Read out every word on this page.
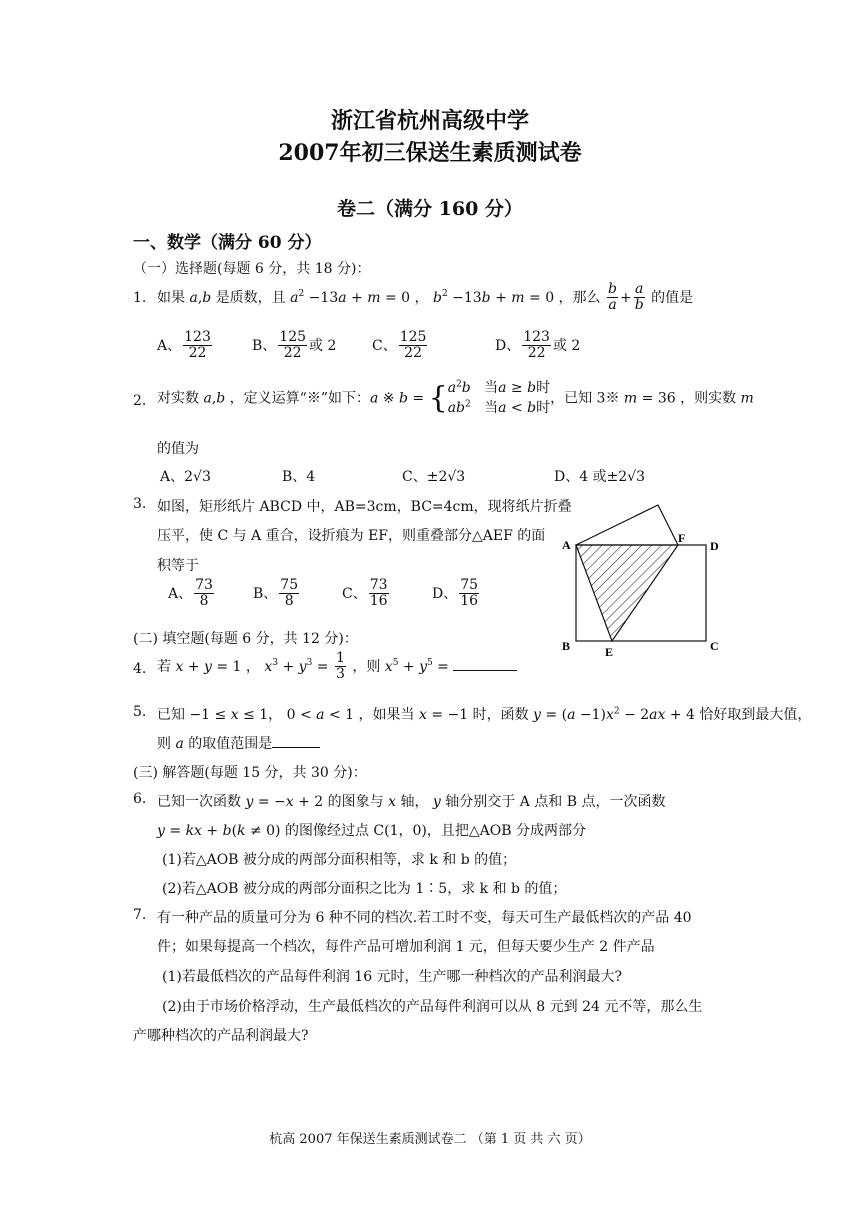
浙江省杭州高级中学
2007年初三保送生素质测试卷
卷二（满分 160 分）
一、数学（满分 60 分）
（一）选择题(每题 6 分，共 18 分)：
1. 如果 a,b 是质数，且 $a^2 -13a + m = 0$ ， $b^2 -13b + m = 0$ ，那么 $\frac{b}{a} + \frac{a}{b}$ 的值是
A、 $\frac{123}{22}$	B、 $\frac{125}{22}$ 或 2	C、 $\frac{125}{22}$	D、 $\frac{123}{22}$ 或 2
2. 对实数 a,b ，定义运算“※”如下：a ※ $b = \{a^2b$   当a ≥ b时
$ab^2$   当a < b时，已知 3※ m = 36 ，则实数 m
的值为
A、2√3	B、4	C、±2√3	D、4 或±2√3
3. 如图，矩形纸片 ABCD 中，AB=3cm，BC=4cm，现将纸片折叠
压平，使 C 与 A 重合，设折痕为 EF，则重叠部分△AEF 的面
积等于
A、 $\frac{73}{8}$	B、 $\frac{75}{8}$	C、 $\frac{73}{16}$	D、 $\frac{75}{16}$
A	F
D
B	E	C
(二) 填空题(每题 6 分，共 12 分)：
4. 若 x + y = 1 ， $x^3 + y^3 = \frac{1}{3}$ ，则 $x^5 + y^5$ =
5. 已知 −1 ≤ x ≤ 1， 0 < a < 1 ，如果当 x = −1 时，函数 $y = (a -1)x^2 - 2ax + 4$ 恰好取到最大值，
则 a 的取值范围是
(三) 解答题(每题 15 分，共 30 分)：
6. 已知一次函数 y = −x + 2 的图象与 x 轴， y 轴分别交于 A 点和 B 点，一次函数
y = kx + b(k ≠ 0) 的图像经过点 C(1，0)，且把△AOB 分成两部分
(1)若△AOB 被分成的两部分面积相等，求 k 和 b 的值；
(2)若△AOB 被分成的两部分面积之比为 1∶5，求 k 和 b 的值；
7. 有一种产品的质量可分为 6 种不同的档次.若工时不变，每天可生产最低档次的产品 40
件；如果每提高一个档次，每件产品可增加利润 1 元，但每天要少生产 2 件产品
(1)若最低档次的产品每件利润 16 元时，生产哪一种档次的产品利润最大?
(2)由于市场价格浮动，生产最低档次的产品每件利润可以从 8 元到 24 元不等，那么生
产哪种档次的产品利润最大?
杭高 2007 年保送生素质测试卷二 （第 1 页 共 六 页）
